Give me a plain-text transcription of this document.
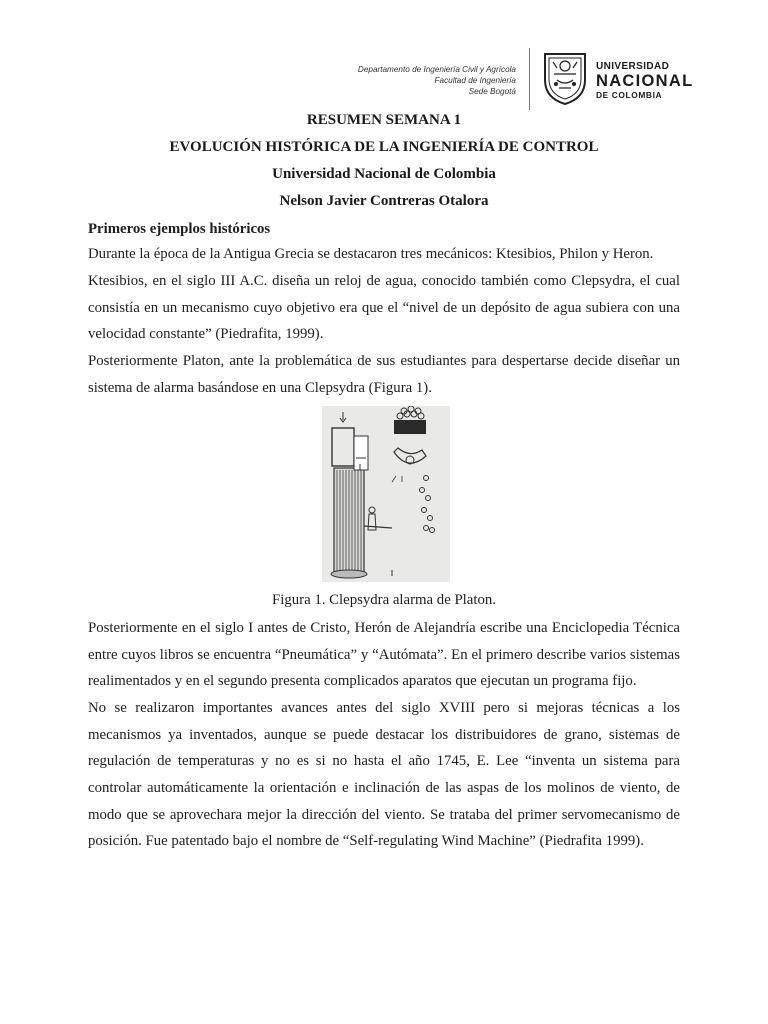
Departamento de Ingeniería Civil y Agrícola
Facultad de Ingeniería
Sede Bogotá
UNIVERSIDAD
NACIONAL
DE COLOMBIA
RESUMEN SEMANA 1
EVOLUCIÓN HISTÓRICA DE LA INGENIERÍA DE CONTROL
Universidad Nacional de Colombia
Nelson Javier Contreras Otalora
Primeros ejemplos históricos
Durante la época de la Antigua Grecia se destacaron tres mecánicos: Ktesibios, Philon y Heron.
Ktesibios, en el siglo III A.C. diseña un reloj de agua, conocido también como Clepsydra, el cual
consistía en un mecanismo cuyo objetivo era que el “nivel de un depósito de agua subiera con una
velocidad constante” (Piedrafita, 1999).
Posteriormente Platon, ante la problemática de sus estudiantes para despertarse decide diseñar un
sistema de alarma basándose en una Clepsydra (Figura 1).
Figura 1. Clepsydra alarma de Platon.
Posteriormente en el siglo I antes de Cristo, Herón de Alejandría escribe una Enciclopedia Técnica
entre cuyos libros se encuentra “Pneumática” y “Autómata”. En el primero describe varios sistemas
realimentados y en el segundo presenta complicados aparatos que ejecutan un programa fijo.
No se realizaron importantes avances antes del siglo XVIII pero si mejoras técnicas a los
mecanismos ya inventados, aunque se puede destacar los distribuidores de grano, sistemas de
regulación de temperaturas y no es si no hasta el año 1745, E. Lee “inventa un sistema para
controlar automáticamente la orientación e inclinación de las aspas de los molinos de viento, de
modo que se aprovechara mejor la dirección del viento. Se trataba del primer servomecanismo de
posición. Fue patentado bajo el nombre de “Self-regulating Wind Machine” (Piedrafita 1999).
